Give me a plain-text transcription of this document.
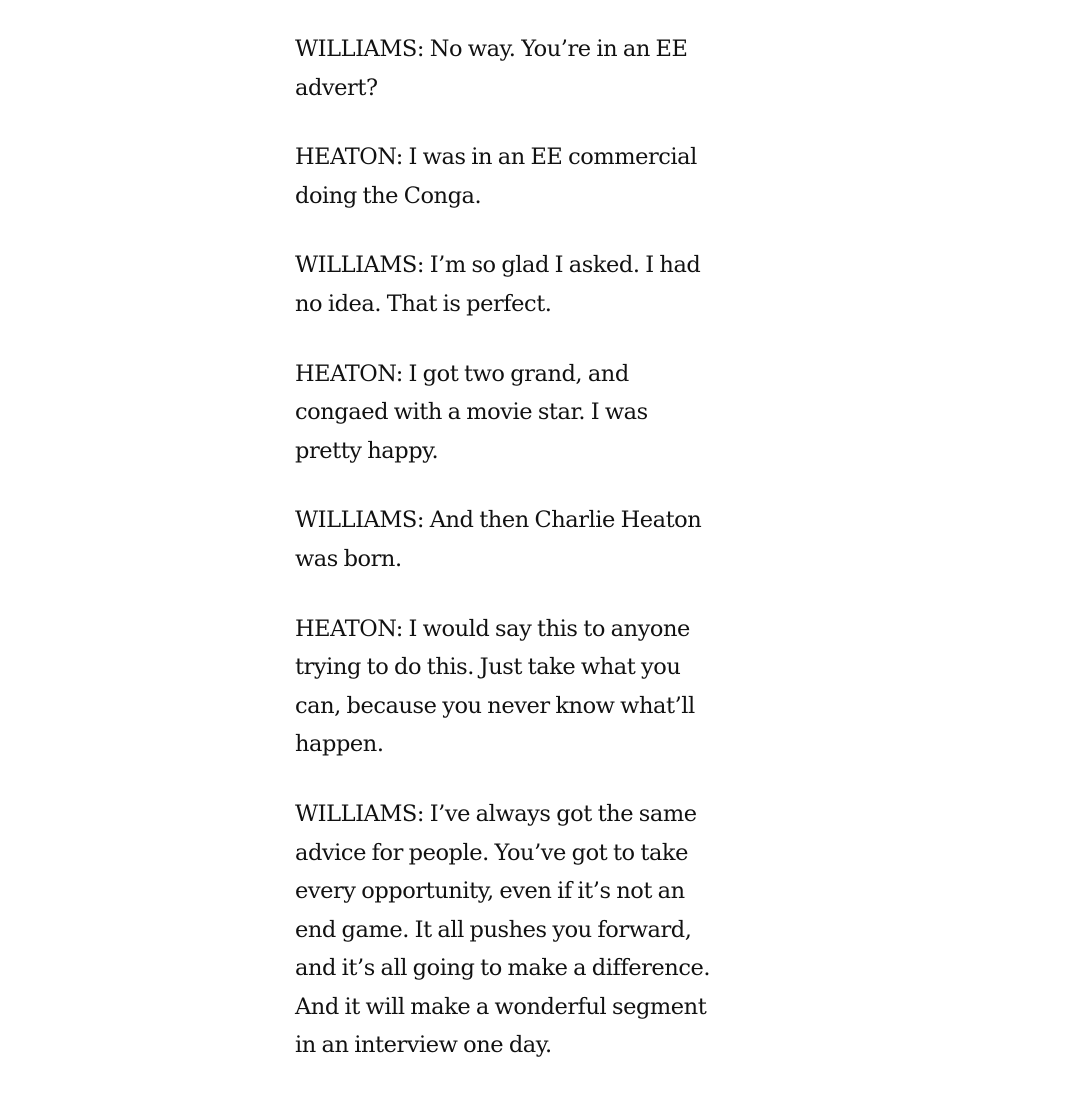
WILLIAMS: No way. You’re in an EE
advert?

HEATON: I was in an EE commercial
doing the Conga.

WILLIAMS: I’m so glad I asked. I had
no idea. That is perfect.

HEATON: I got two grand, and
congaed with a movie star. I was
pretty happy.

WILLIAMS: And then Charlie Heaton
was born.

HEATON: I would say this to anyone
trying to do this. Just take what you
can, because you never know what’ll
happen.

WILLIAMS: I’ve always got the same
advice for people. You’ve got to take
every opportunity, even if it’s not an
end game. It all pushes you forward,
and it’s all going to make a difference.
And it will make a wonderful segment
in an interview one day.
